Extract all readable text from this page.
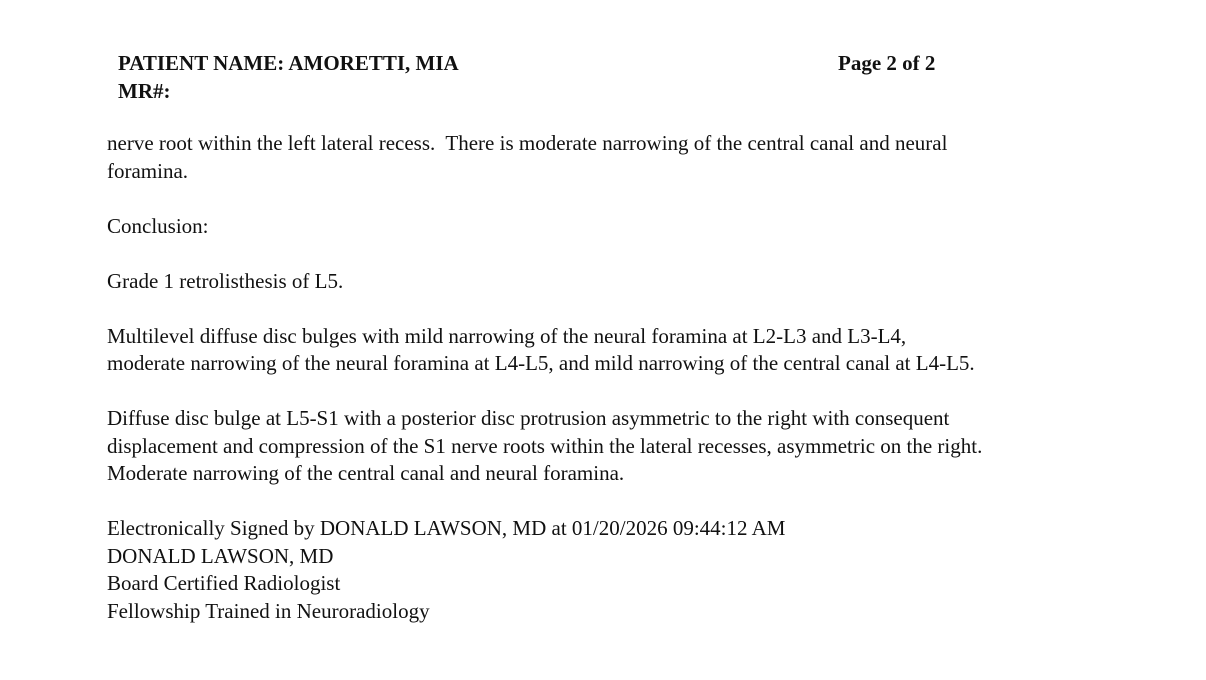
PATIENT NAME: AMORETTI, MIA	Page 2 of 2
MR#:
nerve root within the left lateral recess.  There is moderate narrowing of the central canal and neural
foramina.
Conclusion:
Grade 1 retrolisthesis of L5.
Multilevel diffuse disc bulges with mild narrowing of the neural foramina at L2-L3 and L3-L4,
moderate narrowing of the neural foramina at L4-L5, and mild narrowing of the central canal at L4-L5.
Diffuse disc bulge at L5-S1 with a posterior disc protrusion asymmetric to the right with consequent
displacement and compression of the S1 nerve roots within the lateral recesses, asymmetric on the right.
Moderate narrowing of the central canal and neural foramina.
Electronically Signed by DONALD LAWSON, MD at 01/20/2026 09:44:12 AM
DONALD LAWSON, MD
Board Certified Radiologist
Fellowship Trained in Neuroradiology
